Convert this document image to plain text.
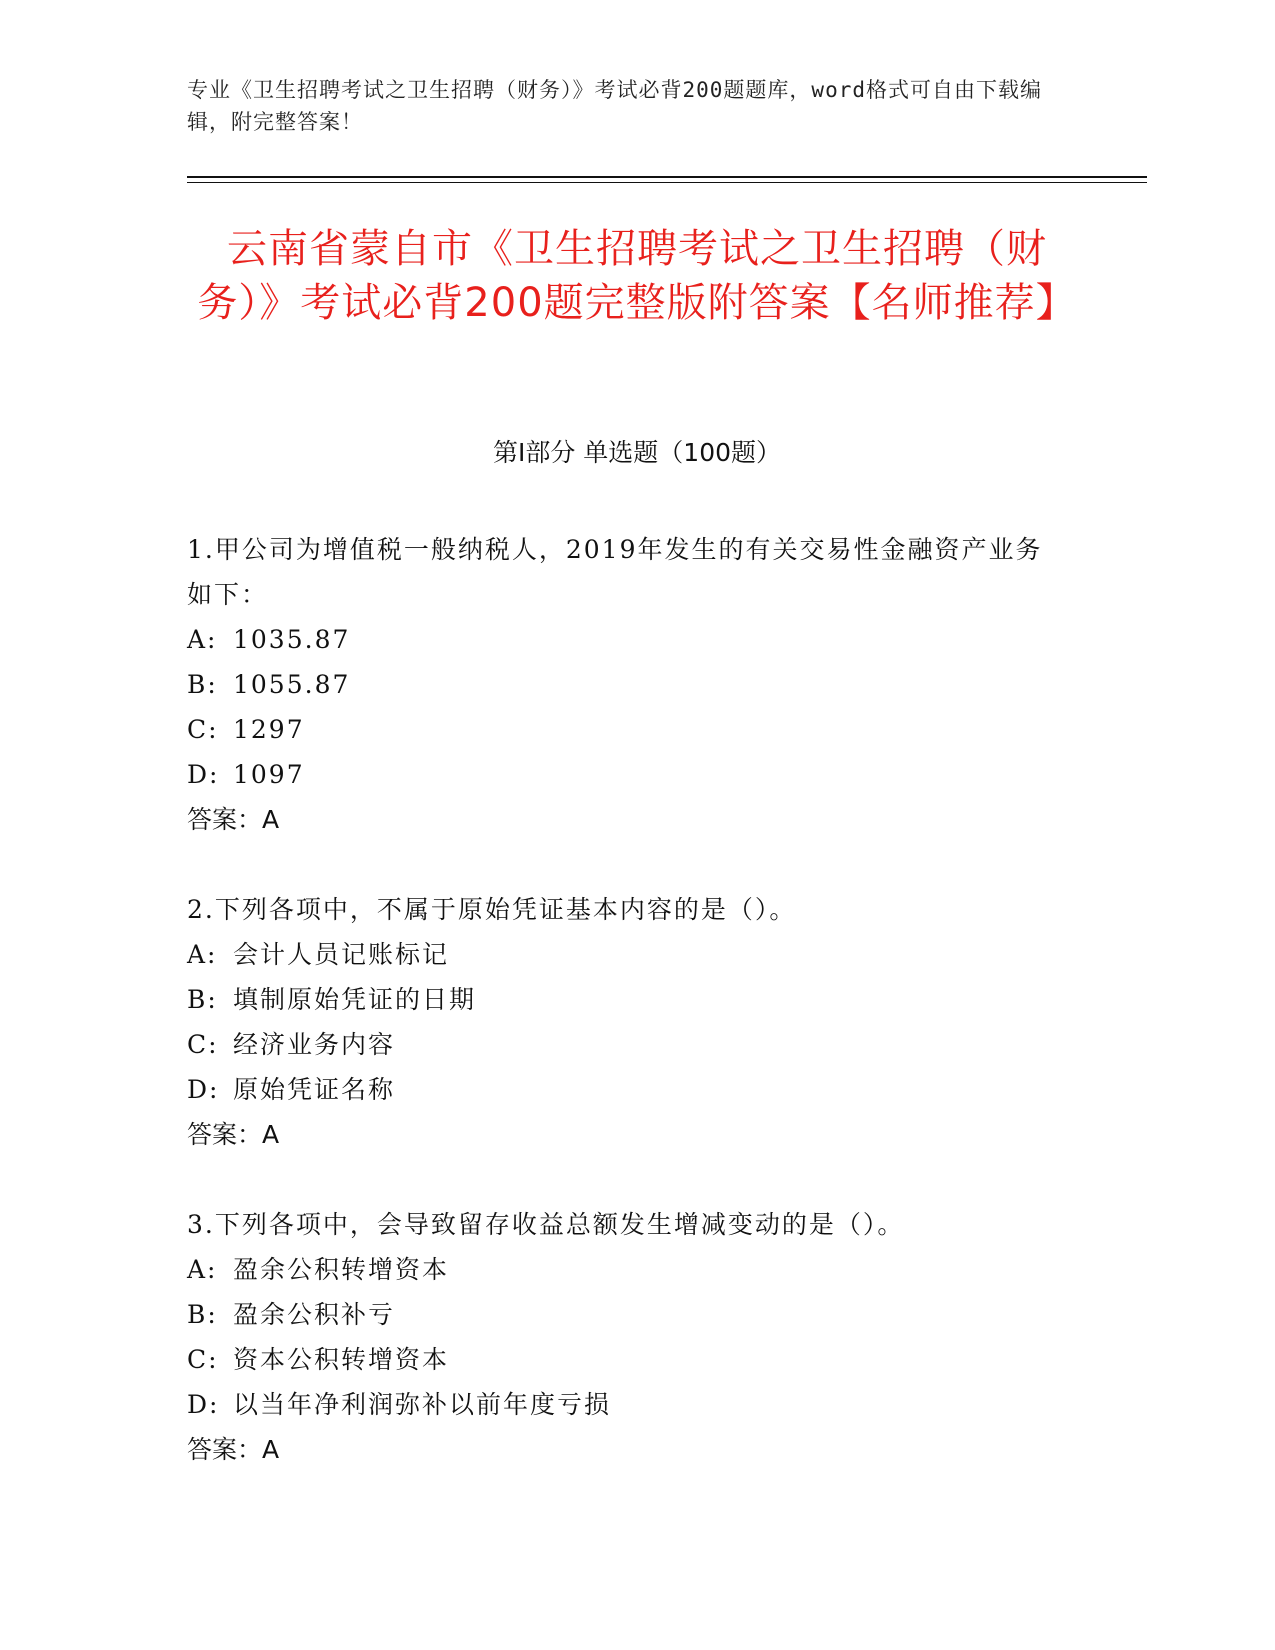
专业《卫生招聘考试之卫生招聘（财务）》考试必背200题题库，word格式可自由下载编辑，附完整答案！
云南省蒙自市《卫生招聘考试之卫生招聘（财务）》考试必背200题完整版附答案【名师推荐】
第I部分 单选题（100题）
1.甲公司为增值税一般纳税人，2019年发生的有关交易性金融资产业务如下：
A: 1035.87
B: 1055.87
C: 1297
D: 1097
答案：A
2.下列各项中，不属于原始凭证基本内容的是（）。
A: 会计人员记账标记
B: 填制原始凭证的日期
C: 经济业务内容
D: 原始凭证名称
答案：A
3.下列各项中，会导致留存收益总额发生增减变动的是（）。
A: 盈余公积转增资本
B: 盈余公积补亏
C: 资本公积转增资本
D: 以当年净利润弥补以前年度亏损
答案：A
